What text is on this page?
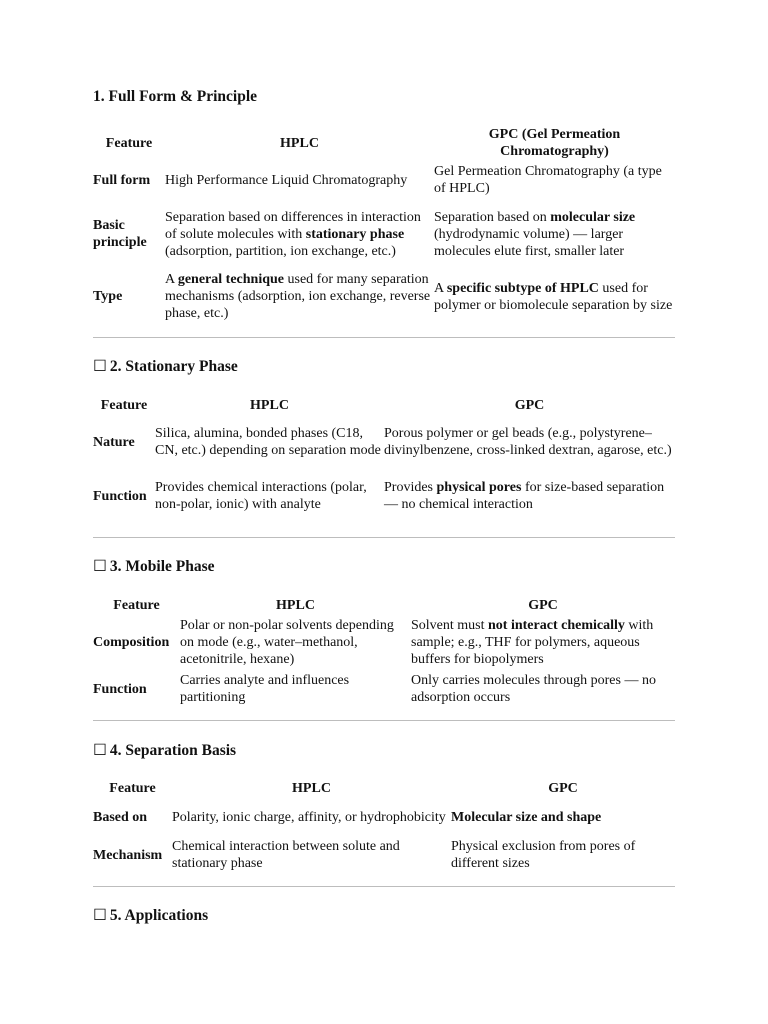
1. Full Form & Principle
Feature	HPLC	GPC (Gel Permeation Chromatography)
Full form	High Performance Liquid Chromatography	Gel Permeation Chromatography (a type of HPLC)
Basic principle	Separation based on differences in interaction of solute molecules with stationary phase (adsorption, partition, ion exchange, etc.)	Separation based on molecular size (hydrodynamic volume) — larger molecules elute first, smaller later
Type	A general technique used for many separation mechanisms (adsorption, ion exchange, reverse phase, etc.)	A specific subtype of HPLC used for polymer or biomolecule separation by size
☐ 2. Stationary Phase
Feature	HPLC	GPC
Nature	Silica, alumina, bonded phases (C18, CN, etc.) depending on separation mode	Porous polymer or gel beads (e.g., polystyrene–divinylbenzene, cross-linked dextran, agarose, etc.)
Function	Provides chemical interactions (polar, non-polar, ionic) with analyte	Provides physical pores for size-based separation — no chemical interaction
☐ 3. Mobile Phase
Feature	HPLC	GPC
Composition	Polar or non-polar solvents depending on mode (e.g., water–methanol, acetonitrile, hexane)	Solvent must not interact chemically with sample; e.g., THF for polymers, aqueous buffers for biopolymers
Function	Carries analyte and influences partitioning	Only carries molecules through pores — no adsorption occurs
☐ 4. Separation Basis
Feature	HPLC	GPC
Based on	Polarity, ionic charge, affinity, or hydrophobicity	Molecular size and shape
Mechanism	Chemical interaction between solute and stationary phase	Physical exclusion from pores of different sizes
☐ 5. Applications
